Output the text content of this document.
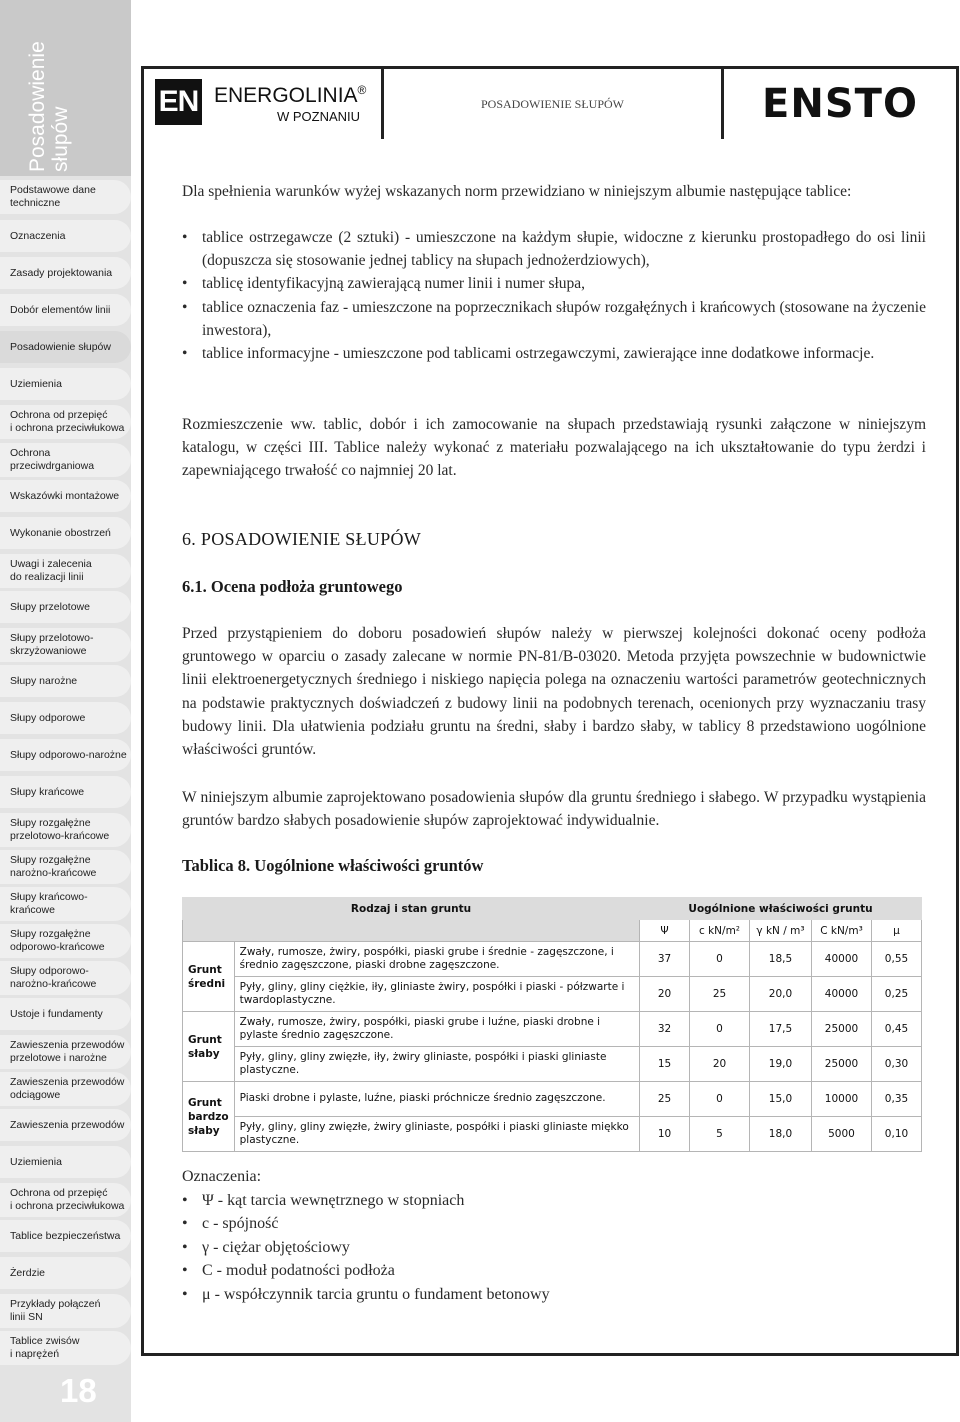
Posadowienie
słupów
Podstawowe dane
techniczne
Oznaczenia
Zasady projektowania
Dobór elementów linii
Posadowienie słupów
Uziemienia
Ochrona od przepięć
i ochrona przeciwłukowa
Ochrona
przeciwdrganiowa
Wskazówki montażowe
Wykonanie obostrzeń
Uwagi i zalecenia
do realizacji linii
Słupy przelotowe
Słupy przelotowo-
skrzyżowaniowe
Słupy narożne
Słupy odporowe
Słupy odporowo-narożne
Słupy krańcowe
Słupy rozgałężne
przelotowo-krańcowe
Słupy rozgałężne
narożno-krańcowe
Słupy krańcowo-
krańcowe
Słupy rozgałężne
odporowo-krańcowe
Słupy odporowo-
narożno-krańcowe
Ustoje i fundamenty
Zawieszenia przewodów
przelotowe i narożne
Zawieszenia przewodów
odciągowe
Zawieszenia przewodów
Uziemienia
Ochrona od przepięć
i ochrona przeciwłukowa
Tablice bezpieczeństwa
Żerdzie
Przykłady połączeń
linii SN
Tablice zwisów
i naprężeń
18
EN ENERGOLINIA®
W POZNANIU
POSADOWIENIE SŁUPÓW	ENSTO

Dla spełnienia warunków wyżej wskazanych norm przewidziano w niniejszym albumie następujące tablice:

• tablice ostrzegawcze (2 sztuki) - umieszczone na każdym słupie, widoczne z kierunku prostopadłego do osi linii (dopuszcza się stosowanie jednej tablicy na słupach jednożerdziowych),
• tablicę identyfikacyjną zawierającą numer linii i numer słupa,
• tablice oznaczenia faz - umieszczone na poprzecznikach słupów rozgałęźnych i krańcowych (stosowane na życzenie inwestora),
• tablice informacyjne - umieszczone pod tablicami ostrzegawczymi, zawierające inne dodatkowe informacje.

Rozmieszczenie ww. tablic, dobór i ich zamocowanie na słupach przedstawiają rysunki załączone w niniejszym katalogu, w części III. Tablice należy wykonać z materiału pozwalającego na ich ukształtowanie do typu żerdzi i zapewniającego trwałość co najmniej 20 lat.

6. POSADOWIENIE SŁUPÓW
6.1. Ocena podłoża gruntowego

Przed przystąpieniem do doboru posadowień słupów należy w pierwszej kolejności dokonać oceny podłoża gruntowego w oparciu o zasady zalecane w normie PN-81/B-03020. Metoda przyjęta powszechnie w budownictwie linii elektroenergetycznych średniego i niskiego napięcia polega na oznaczeniu wartości parametrów geotechnicznych na podstawie praktycznych doświadczeń z budowy linii na podobnych terenach, ocenionych przy wyznaczaniu trasy budowy linii. Dla ułatwienia podziału gruntu na średni, słaby i bardzo słaby, w tablicy 8 przedstawiono uogólnione właściwości gruntów.

W niniejszym albumie zaprojektowano posadowienia słupów dla gruntu średniego i słabego. W przypadku wystąpienia gruntów bardzo słabych posadowienie słupów zaprojektować indywidualnie.

Tablica 8. Uogólnione właściwości gruntów
Rodzaj i stan gruntu		Uogólnione właściwości gruntu				
		Ψ	c kN/m²	γ kN / m³	C kN/m³	μ
Grunt
średni	Zwały, rumosze, żwiry, pospółki, piaski grube i średnie - zagęszczone, i średnio zagęszczone, piaski drobne zagęszczone.	37	0	18,5	40000	0,55
	Pyły, gliny, gliny ciężkie, iły, gliniaste żwiry, pospółki i piaski - półzwarte i twardoplastyczne.	20	25	20,0	40000	0,25
Grunt
słaby	Zwały, rumosze, żwiry, pospółki, piaski grube i luźne, piaski drobne i pylaste średnio zagęszczone.	32	0	17,5	25000	0,45
	Pyły, gliny, gliny zwięzłe, iły, żwiry gliniaste, pospółki i piaski gliniaste plastyczne.	15	20	19,0	25000	0,30
Grunt
bardzo
słaby	Piaski drobne i pylaste, luźne, piaski próchnicze średnio zagęszczone.	25	0	15,0	10000	0,35
	Pyły, gliny, gliny zwięzłe, żwiry gliniaste, pospółki i piaski gliniaste miękko plastyczne.	10	5	18,0	5000	0,10
Oznaczenia:
• Ψ - kąt tarcia wewnętrznego w stopniach
• c - spójność
• γ - ciężar objętościowy
• C - moduł podatności podłoża
• μ - współczynnik tarcia gruntu o fundament betonowy
